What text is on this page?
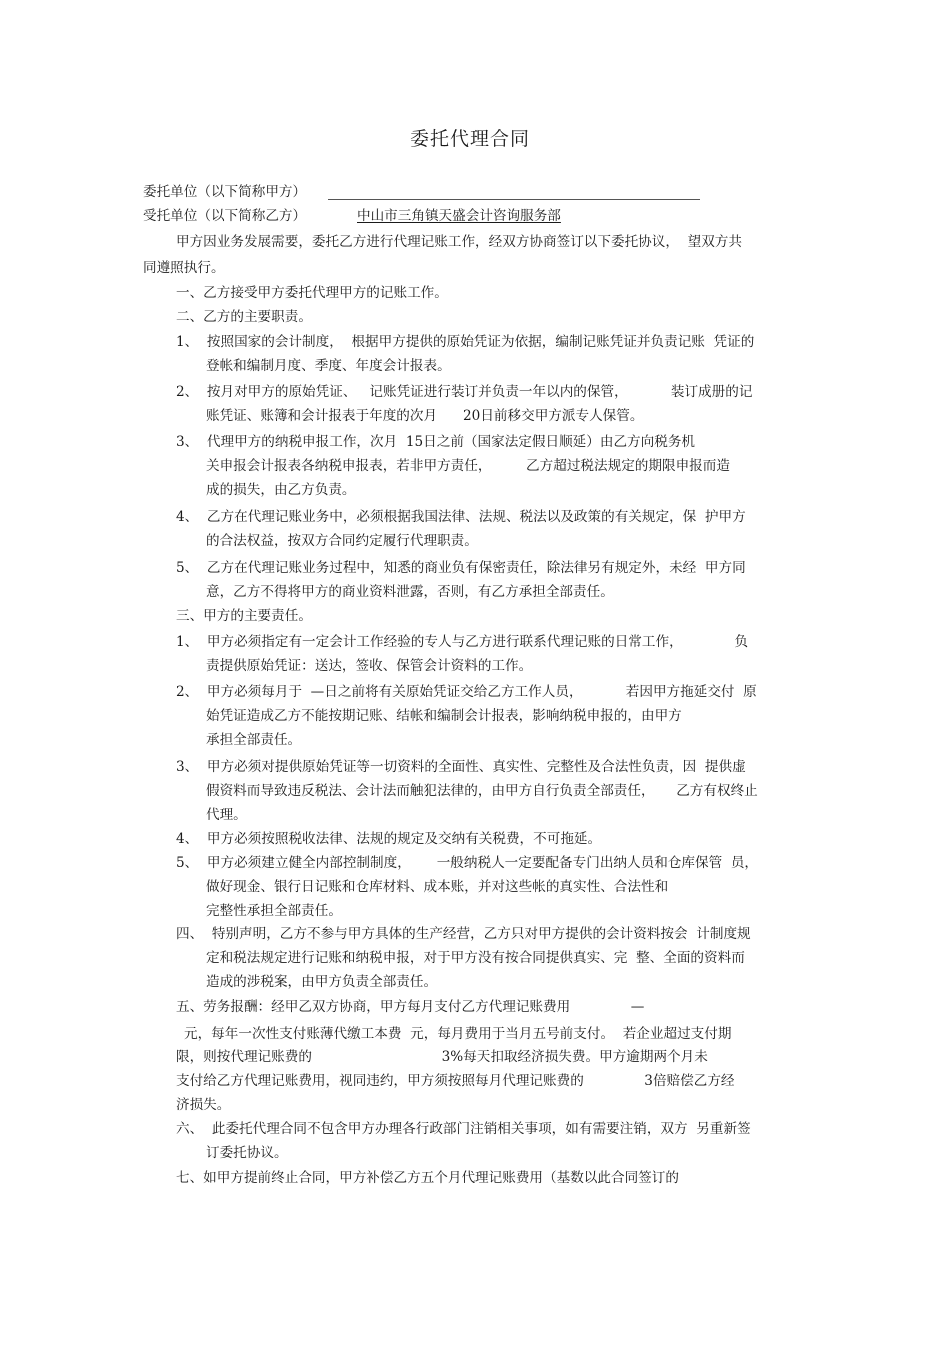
委托代理合同
委托单位（以下简称甲方）
受托单位（以下简称乙方）	中山市三角镇天盛会计咨询服务部
甲方因业务发展需要，委托乙方进行代理记账工作，经双方协商签订以下委托协议，  望双方共
同遵照执行。
一、乙方接受甲方委托代理甲方的记账工作。
二、乙方的主要职责。
1、  按照国家的会计制度，  根据甲方提供的原始凭证为依据，编制记账凭证并负责记账  凭证的
登帐和编制月度、季度、年度会计报表。
2、  按月对甲方的原始凭证、   记账凭证进行装订并负责一年以内的保管，          装订成册的记
账凭证、账簿和会计报表于年度的次月      20日前移交甲方派专人保管。
3、  代理甲方的纳税申报工作，次月  15日之前（国家法定假日顺延）由乙方向税务机
关申报会计报表各纳税申报表，若非甲方责任，        乙方超过税法规定的期限申报而造
成的损失，由乙方负责。
4、  乙方在代理记账业务中，必须根据我国法律、法规、税法以及政策的有关规定，保  护甲方
的合法权益，按双方合同约定履行代理职责。
5、  乙方在代理记账业务过程中，知悉的商业负有保密责任，除法律另有规定外，未经  甲方同
意，乙方不得将甲方的商业资料泄露，否则，有乙方承担全部责任。
三、甲方的主要责任。
1、  甲方必须指定有一定会计工作经验的专人与乙方进行联系代理记账的日常工作，            负
责提供原始凭证：送达，签收、保管会计资料的工作。
2、  甲方必须每月于  —日之前将有关原始凭证交给乙方工作人员，          若因甲方拖延交付  原
始凭证造成乙方不能按期记账、结帐和编制会计报表，影响纳税申报的，由甲方
承担全部责任。
3、  甲方必须对提供原始凭证等一切资料的全面性、真实性、完整性及合法性负责，因  提供虚
假资料而导致违反税法、会计法而触犯法律的，由甲方自行负责全部责任，     乙方有权终止
代理。
4、  甲方必须按照税收法律、法规的规定及交纳有关税费，不可拖延。
5、  甲方必须建立健全内部控制制度，      一般纳税人一定要配备专门出纳人员和仓库保管  员，
做好现金、银行日记账和仓库材料、成本账，并对这些帐的真实性、合法性和
完整性承担全部责任。
四、  特别声明，乙方不参与甲方具体的生产经营，乙方只对甲方提供的会计资料按会  计制度规
定和税法规定进行记账和纳税申报，对于甲方没有按合同提供真实、完  整、全面的资料而
造成的涉税案，由甲方负责全部责任。
五、劳务报酬：经甲乙双方协商，甲方每月支付乙方代理记账费用              —
元，每年一次性支付账薄代缴工本费  元，每月费用于当月五号前支付。  若企业超过支付期
限，则按代理记账费的                              3%每天扣取经济损失费。甲方逾期两个月未
支付给乙方代理记账费用，视同违约，甲方须按照每月代理记账费的              3倍赔偿乙方经
济损失。
六、  此委托代理合同不包含甲方办理各行政部门注销相关事项，如有需要注销，双方  另重新签
订委托协议。
七、如甲方提前终止合同，甲方补偿乙方五个月代理记账费用（基数以此合同签订的
